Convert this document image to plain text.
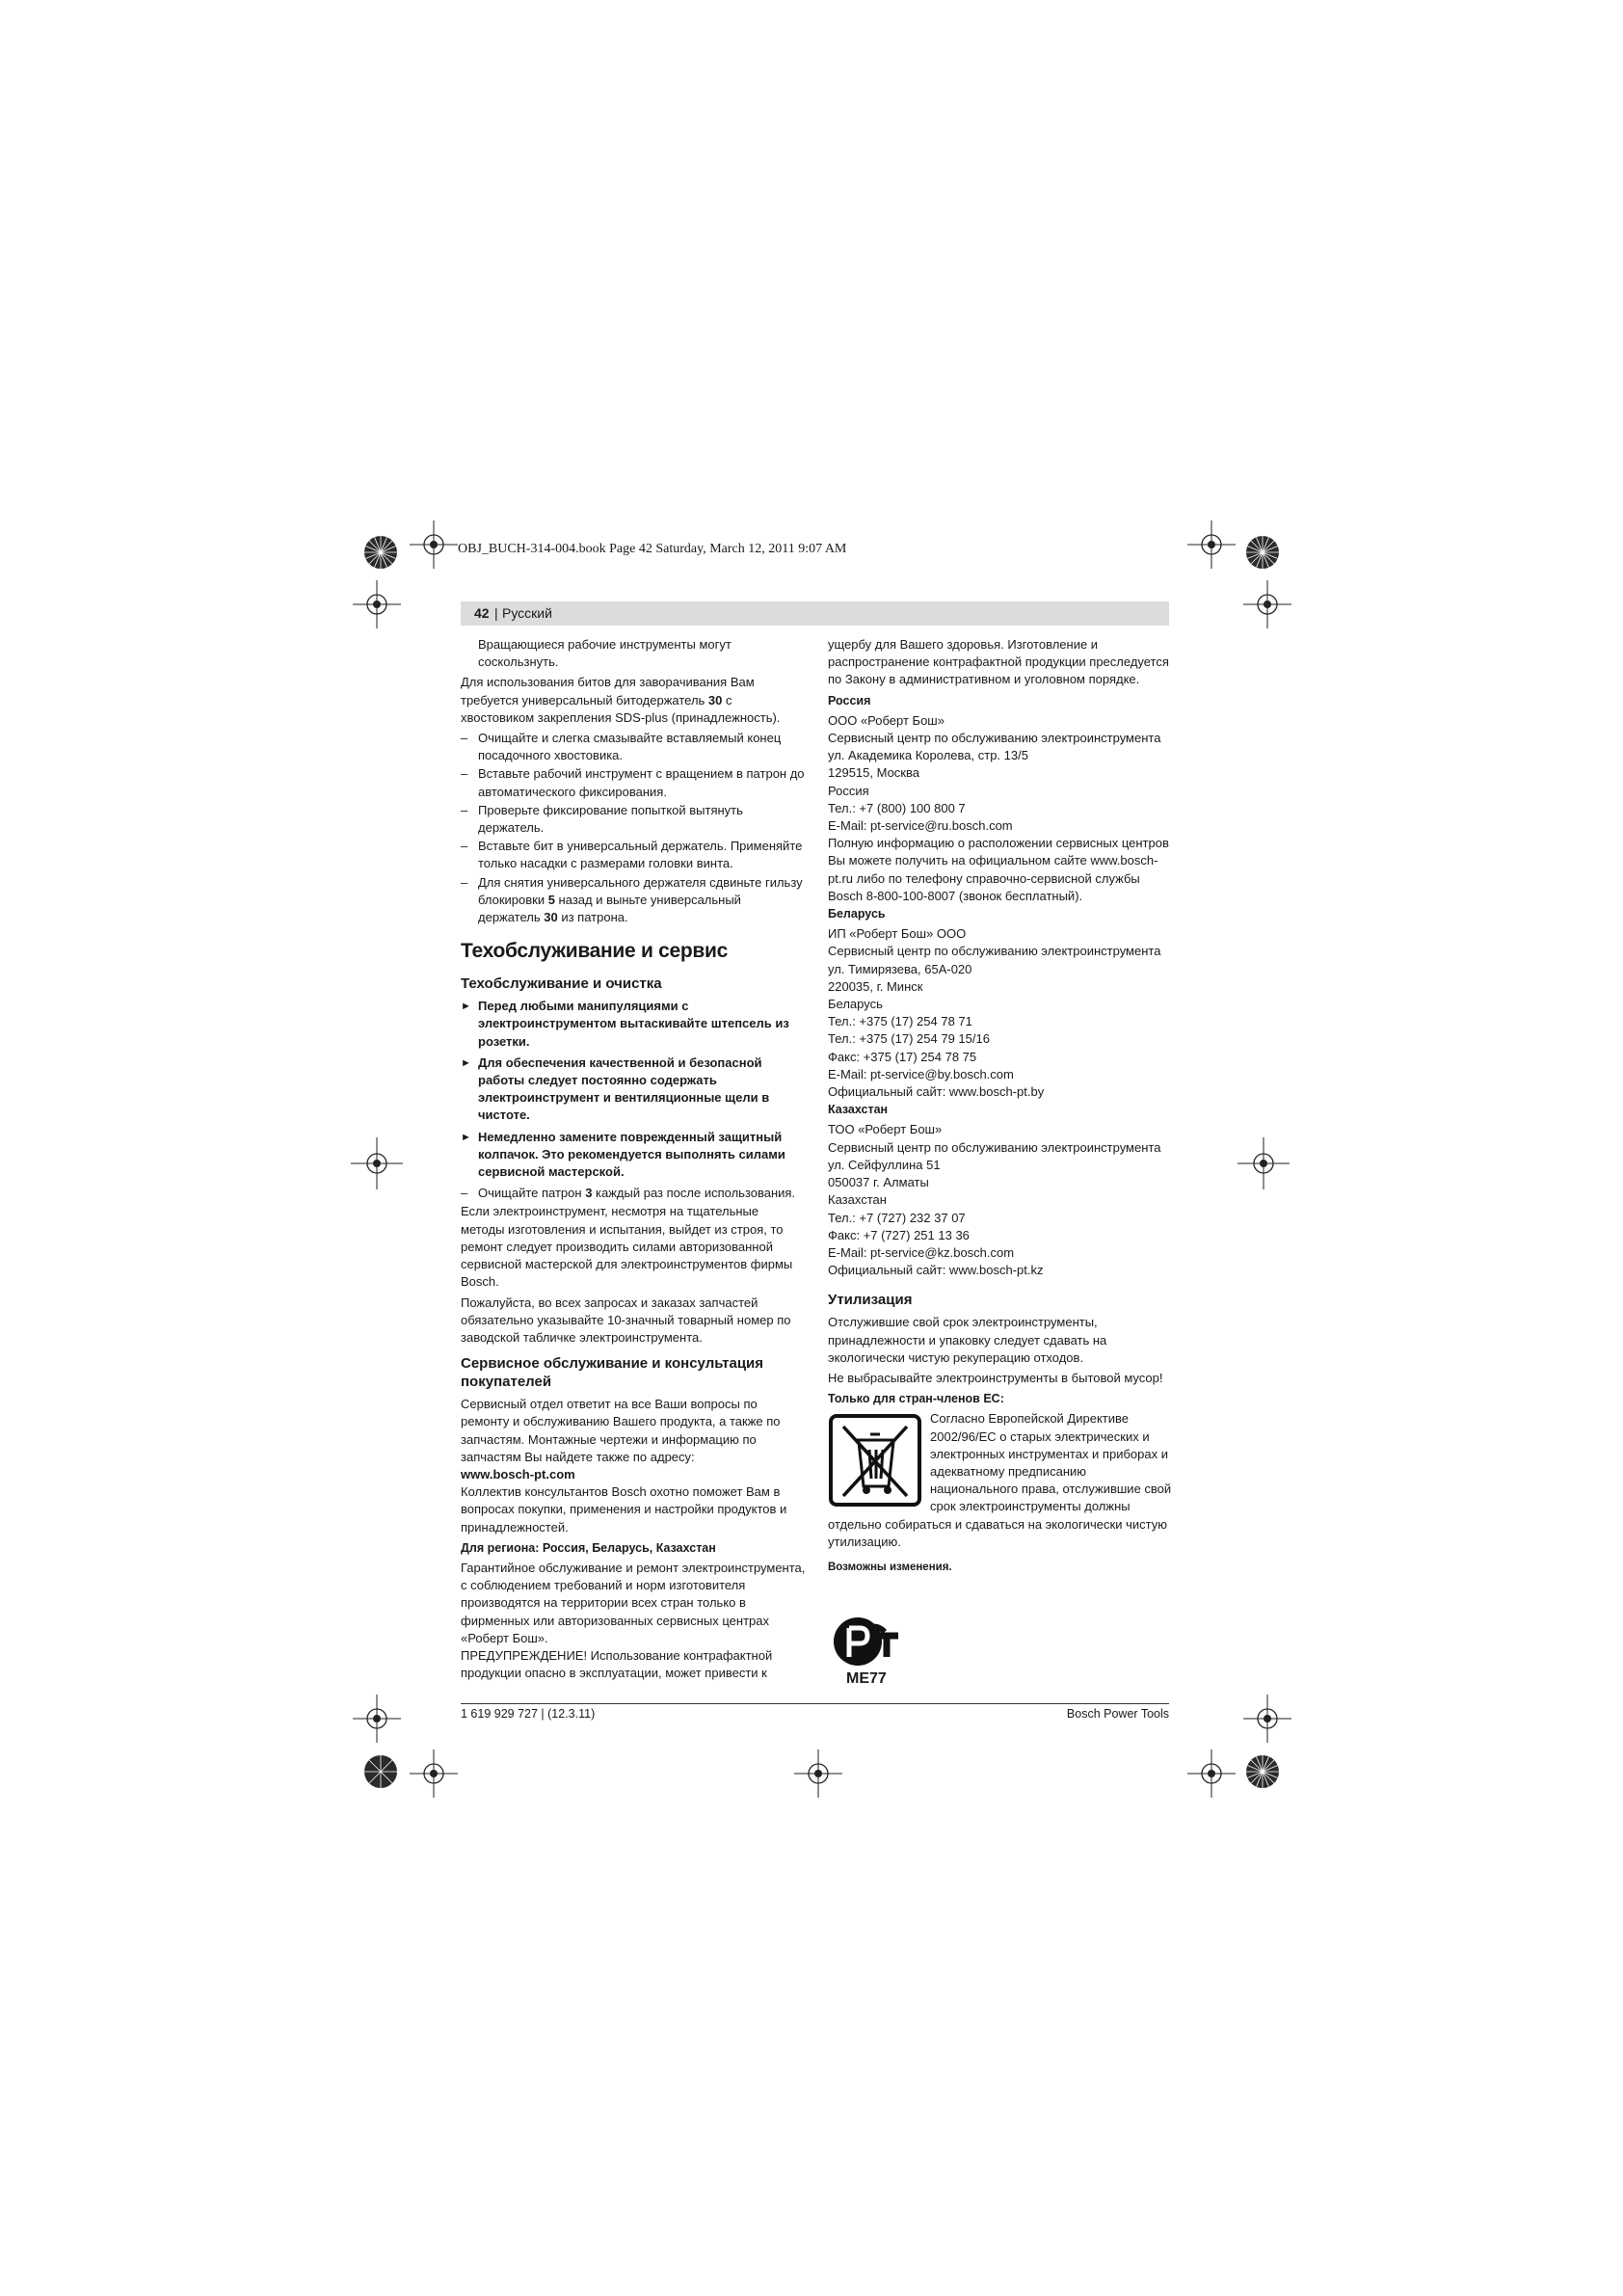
OBJ_BUCH-314-004.book Page 42 Saturday, March 12, 2011 9:07 AM
42 | Русский

Вращающиеся рабочие инструменты могут соскользнуть.

Для использования битов для заворачивания Вам требуется универсальный битодержатель 30 с хвостовиком закрепления SDS-plus (принадлежность).

– Очищайте и слегка смазывайте вставляемый конец посадочного хвостовика.
– Вставьте рабочий инструмент с вращением в патрон до автоматического фиксирования.
– Проверьте фиксирование попыткой вытянуть держатель.
– Вставьте бит в универсальный держатель. Применяйте только насадки с размерами головки винта.
– Для снятия универсального держателя сдвиньте гильзу блокировки 5 назад и выньте универсальный держатель 30 из патрона.
Техобслуживание и сервис
Техобслуживание и очистка
► Перед любыми манипуляциями с электроинструментом вытаскивайте штепсель из розетки.
► Для обеспечения качественной и безопасной работы следует постоянно содержать электроинструмент и вентиляционные щели в чистоте.
► Немедленно замените поврежденный защитный колпачок. Это рекомендуется выполнять силами сервисной мастерской.
– Очищайте патрон 3 каждый раз после использования.

Если электроинструмент, несмотря на тщательные методы изготовления и испытания, выйдет из строя, то ремонт следует производить силами авторизованной сервисной мастерской для электроинструментов фирмы Bosch.

Пожалуйста, во всех запросах и заказах запчастей обязательно указывайте 10-значный товарный номер по заводской табличке электроинструмента.

Сервисное обслуживание и консультация покупателей

Сервисный отдел ответит на все Ваши вопросы по ремонту и обслуживанию Вашего продукта, а также по запчастям. Монтажные чертежи и информацию по запчастям Вы найдете также по адресу:

www.bosch-pt.com

Коллектив консультантов Bosch охотно поможет Вам в вопросах покупки, применения и настройки продуктов и принадлежностей.

Для региона: Россия, Беларусь, Казахстан

Гарантийное обслуживание и ремонт электроинструмента, с соблюдением требований и норм изготовителя производятся на территории всех стран только в фирменных или авторизованных сервисных центрах «Роберт Бош».

ПРЕДУПРЕЖДЕНИЕ! Использование контрафактной продукции опасно в эксплуатации, может привести к

ущербу для Вашего здоровья. Изготовление и распространение контрафактной продукции преследуется по Закону в административном и уголовном порядке.

Россия

ООО «Роберт Бош»

Сервисный центр по обслуживанию электроинструмента

ул. Академика Королева, стр. 13/5

129515, Москва

Россия

Тел.: +7 (800) 100 800 7

E-Mail: pt-service@ru.bosch.com

Полную информацию о расположении сервисных центров Вы можете получить на официальном сайте www.bosch-pt.ru либо по телефону справочно-сервисной службы Bosch 8-800-100-8007 (звонок бесплатный).

Беларусь

ИП «Роберт Бош» ООО

Сервисный центр по обслуживанию электроинструмента

ул. Тимирязева, 65А-020

220035, г. Минск

Беларусь

Тел.: +375 (17) 254 78 71

Тел.: +375 (17) 254 79 15/16

Факс: +375 (17) 254 78 75

E-Mail: pt-service@by.bosch.com

Официальный сайт: www.bosch-pt.by

Казахстан

ТОО «Роберт Бош»

Сервисный центр по обслуживанию электроинструмента

ул. Сейфуллина 51

050037 г. Алматы

Казахстан

Тел.: +7 (727) 232 37 07

Факс: +7 (727) 251 13 36

E-Mail: pt-service@kz.bosch.com

Официальный сайт: www.bosch-pt.kz

Утилизация

Отслужившие свой срок электроинструменты, принадлежности и упаковку следует сдавать на экологически чистую рекуперацию отходов.

Не выбрасывайте электроинструменты в бытовой мусор!

Только для стран-членов ЕС:

Согласно Европейской Директиве 2002/96/ЕС о старых электрических и электронных инструментах и приборах и адекватному предписанию национального права, отслужившие свой срок электроинструменты должны

отдельно собираться и сдаваться на экологически чистую утилизацию.

Возможны изменения.

МЕ77
1 619 929 727 | (12.3.11)	Bosch Power Tools
